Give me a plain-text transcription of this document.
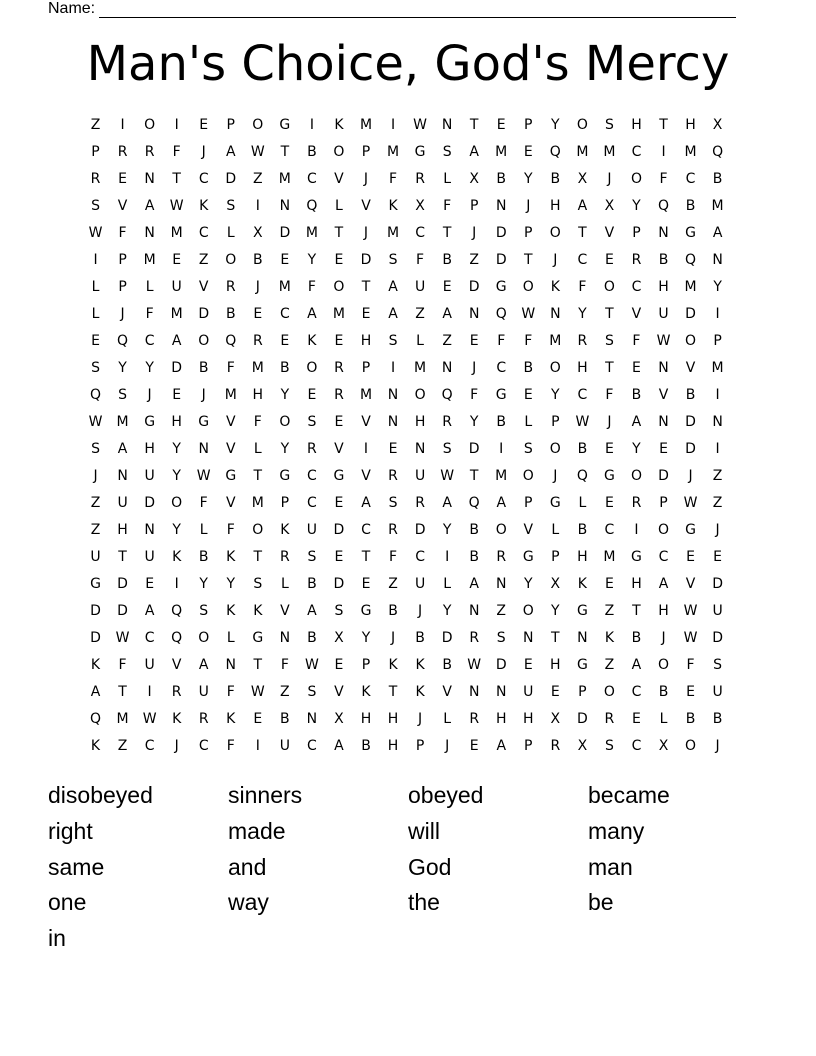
Name:
Man's Choice, God's Mercy
Z	I	O	I	E	P	O	G	I	K	M	I	W	N	T	E	P	Y	O	S	H	T	H	X
P	R	R	F	J	A	W	T	B	O	P	M	G	S	A	M	E	Q	M	M	C	I	M	Q
R	E	N	T	C	D	Z	M	C	V	J	F	R	L	X	B	Y	B	X	J	O	F	C	B
S	V	A	W	K	S	I	N	Q	L	V	K	X	F	P	N	J	H	A	X	Y	Q	B	M
W	F	N	M	C	L	X	D	M	T	J	M	C	T	J	D	P	O	T	V	P	N	G	A
I	P	M	E	Z	O	B	E	Y	E	D	S	F	B	Z	D	T	J	C	E	R	B	Q	N
L	P	L	U	V	R	J	M	F	O	T	A	U	E	D	G	O	K	F	O	C	H	M	Y
L	J	F	M	D	B	E	C	A	M	E	A	Z	A	N	Q	W	N	Y	T	V	U	D	I
E	Q	C	A	O	Q	R	E	K	E	H	S	L	Z	E	F	F	M	R	S	F	W	O	P
S	Y	Y	D	B	F	M	B	O	R	P	I	M	N	J	C	B	O	H	T	E	N	V	M
Q	S	J	E	J	M	H	Y	E	R	M	N	O	Q	F	G	E	Y	C	F	B	V	B	I
W	M	G	H	G	V	F	O	S	E	V	N	H	R	Y	B	L	P	W	J	A	N	D	N
S	A	H	Y	N	V	L	Y	R	V	I	E	N	S	D	I	S	O	B	E	Y	E	D	I
J	N	U	Y	W	G	T	G	C	G	V	R	U	W	T	M	O	J	Q	G	O	D	J	Z
Z	U	D	O	F	V	M	P	C	E	A	S	R	A	Q	A	P	G	L	E	R	P	W	Z
Z	H	N	Y	L	F	O	K	U	D	C	R	D	Y	B	O	V	L	B	C	I	O	G	J
U	T	U	K	B	K	T	R	S	E	T	F	C	I	B	R	G	P	H	M	G	C	E	E
G	D	E	I	Y	Y	S	L	B	D	E	Z	U	L	A	N	Y	X	K	E	H	A	V	D
D	D	A	Q	S	K	K	V	A	S	G	B	J	Y	N	Z	O	Y	G	Z	T	H	W	U
D	W	C	Q	O	L	G	N	B	X	Y	J	B	D	R	S	N	T	N	K	B	J	W	D
K	F	U	V	A	N	T	F	W	E	P	K	K	B	W	D	E	H	G	Z	A	O	F	S
A	T	I	R	U	F	W	Z	S	V	K	T	K	V	N	N	U	E	P	O	C	B	E	U
Q	M	W	K	R	K	E	B	N	X	H	H	J	L	R	H	H	X	D	R	E	L	B	B
K	Z	C	J	C	F	I	U	C	A	B	H	P	J	E	A	P	R	X	S	C	X	O	J
disobeyed	sinners	obeyed	became
right	made	will	many
same	and	God	man
one	way	the	be
in
